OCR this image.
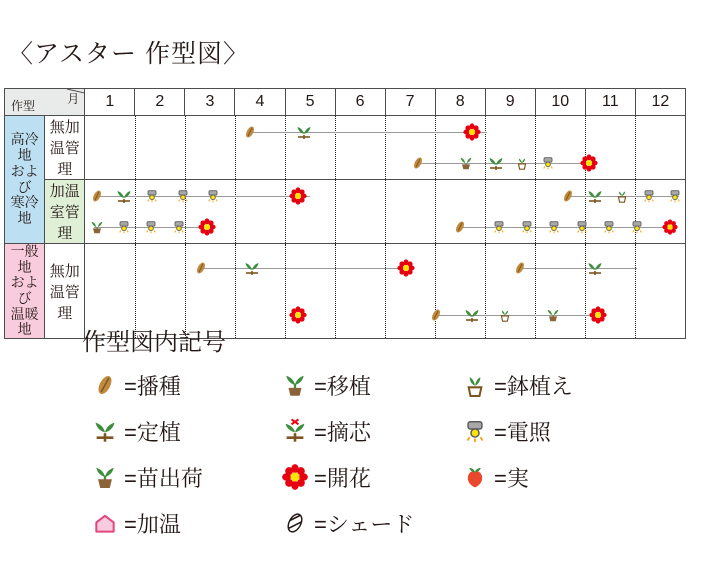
〈アスター 作型図〉
作型 月		1	2	3	4	5	6	7	8	9	10	11	12

高冷地
および
寒冷地	無加温管理	

	加温室管理	

一般地
および
温暖地	無加温管理	
作型図内記号
=播種	=移植	=鉢植え
=定植	=摘芯	=電照
=苗出荷	=開花	=実
=加温	=シェード
